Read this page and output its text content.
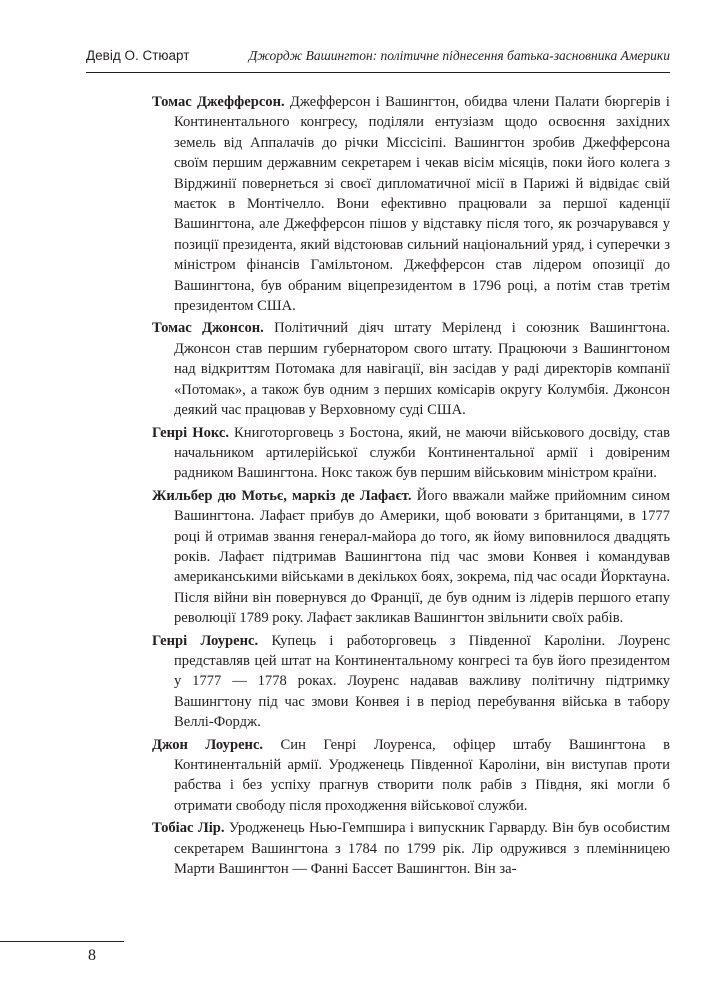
Девід О. Стюарт	Джордж Вашингтон: політичне піднесення батька-засновника Америки

Томас Джефферсон. Джефферсон і Вашингтон, обидва члени Палати бюргерів і Континентального конгресу, поділяли ентузіазм щодо освоєння західних земель від Аппалачів до річки Міссісіпі. Вашингтон зробив Джефферсона своїм першим державним секретарем і чекав вісім місяців, поки його колега з Вірджинії повернеться зі своєї дипломатичної місії в Парижі й відвідає свій маєток в Монтічелло. Вони ефективно працювали за першої каденції Вашингтона, але Джефферсон пішов у відставку після того, як розчарувався у позиції президента, який відстоював сильний національний уряд, і суперечки з міністром фінансів Гамільтоном. Джефферсон став лідером опозиції до Вашингтона, був обраним віцепрезидентом в 1796 році, а потім став третім президентом США.

Томас Джонсон. Політичний діяч штату Меріленд і союзник Вашингтона. Джонсон став першим губернатором свого штату. Працюючи з Вашингтоном над відкриттям Потомака для навігації, він засідав у раді директорів компанії «Потомак», а також був одним з перших комісарів округу Колумбія. Джонсон деякий час працював у Верховному суді США.

Генрі Нокс. Книготорговець з Бостона, який, не маючи військового досвіду, став начальником артилерійської служби Континентальної армії і довіреним радником Вашингтона. Нокс також був першим військовим міністром країни.

Жильбер дю Мотьє, маркіз де Лафаєт. Його вважали майже прийомним сином Вашингтона. Лафаєт прибув до Америки, щоб воювати з британцями, в 1777 році й отримав звання генерал-майора до того, як йому виповнилося двадцять років. Лафаєт підтримав Вашингтона під час змови Конвея і командував американськими військами в декількох боях, зокрема, під час осади Йорктауна. Після війни він повернувся до Франції, де був одним із лідерів першого етапу революції 1789 року. Лафаєт закликав Вашингтон звільнити своїх рабів.

Генрі Лоуренс. Купець і работорговець з Південної Кароліни. Лоуренс представляв цей штат на Континентальному конгресі та був його президентом у 1777 — 1778 роках. Лоуренс надавав важливу політичну підтримку Вашингтону під час змови Конвея і в період перебування війська в табору Веллі-Фордж.

Джон Лоуренс. Син Генрі Лоуренса, офіцер штабу Вашингтона в Континентальній армії. Уродженець Південної Кароліни, він виступав проти рабства і без успіху прагнув створити полк рабів з Півдня, які могли б отримати свободу після проходження військової служби.

Тобіас Лір. Уродженець Нью-Гемпшира і випускник Гарварду. Він був особистим секретарем Вашингтона з 1784 по 1799 рік. Лір одружився з племінницею Марти Вашингтон — Фанні Бассет Вашингтон. Він за-

8
